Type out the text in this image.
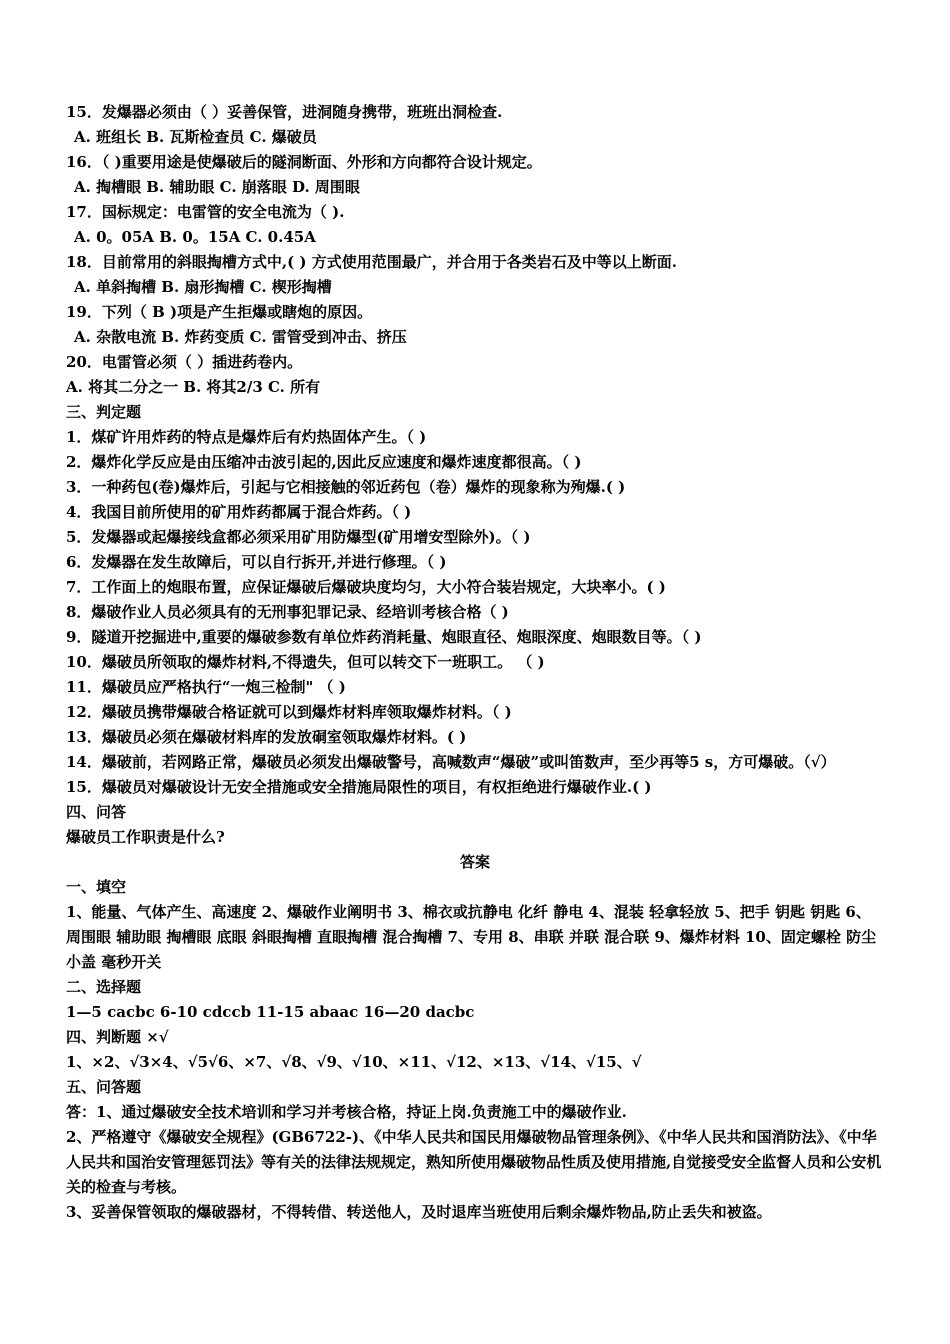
15．发爆器必须由（ ）妥善保管，进洞随身携带，班班出洞检查.
A. 班组长 B. 瓦斯检查员 C. 爆破员
16．（ )重要用途是使爆破后的隧洞断面、外形和方向都符合设计规定。
A. 掏槽眼 B. 辅助眼 C. 崩落眼 D. 周围眼
17．国标规定：电雷管的安全电流为（ ).
A. 0。05A B. 0。15A C. 0.45A
18．目前常用的斜眼掏槽方式中,( ) 方式使用范围最广，并合用于各类岩石及中等以上断面.
A. 单斜掏槽 B. 扇形掏槽 C. 楔形掏槽
19．下列（ B )项是产生拒爆或瞎炮的原因。
A. 杂散电流 B. 炸药变质 C. 雷管受到冲击、挤压
20．电雷管必须（ ）插进药卷内。
A. 将其二分之一 B. 将其2/3 C. 所有
三、判定题
1．煤矿许用炸药的特点是爆炸后有灼热固体产生。（ )
2．爆炸化学反应是由压缩冲击波引起的,因此反应速度和爆炸速度都很高。（ )
3．一种药包(卷)爆炸后，引起与它相接触的邻近药包（卷）爆炸的现象称为殉爆.( )
4．我国目前所使用的矿用炸药都属于混合炸药。（ )
5．发爆器或起爆接线盒都必须采用矿用防爆型(矿用增安型除外)。（ )
6．发爆器在发生故障后，可以自行拆开,并进行修理。（ )
7．工作面上的炮眼布置，应保证爆破后爆破块度均匀，大小符合装岩规定，大块率小。( )
8．爆破作业人员必须具有的无刑事犯罪记录、经培训考核合格（ )
9．隧道开挖掘进中,重要的爆破参数有单位炸药消耗量、炮眼直径、炮眼深度、炮眼数目等。（ )
10．爆破员所领取的爆炸材料,不得遗失，但可以转交下一班职工。 （ )
11．爆破员应严格执行“一炮三检制" （ )
12．爆破员携带爆破合格证就可以到爆炸材料库领取爆炸材料。（ )
13．爆破员必须在爆破材料库的发放硐室领取爆炸材料。( )
14．爆破前，若网路正常，爆破员必须发出爆破警号，高喊数声“爆破”或叫笛数声，至少再等5 s，方可爆破。（√）
15．爆破员对爆破设计无安全措施或安全措施局限性的项目，有权拒绝进行爆破作业.( )
四、问答
爆破员工作职责是什么?
答案
一、填空
1、能量、气体产生、高速度 2、爆破作业阐明书 3、棉衣或抗静电 化纤 静电 4、混装 轻拿轻放 5、把手 钥匙 钥匙 6、周围眼 辅助眼 掏槽眼 底眼 斜眼掏槽 直眼掏槽 混合掏槽 7、专用 8、串联 并联 混合联 9、爆炸材料 10、固定螺栓 防尘小盖 毫秒开关
二、选择题
1—5 cacbc 6-10 cdccb 11-15 abaac 16—20 dacbc
四、判断题 ×√
1、×2、√3×4、√5√6、×7、√8、√9、√10、×11、√12、×13、√14、√15、√
五、问答题
答：1、通过爆破安全技术培训和学习并考核合格，持证上岗.负责施工中的爆破作业.
2、严格遵守《爆破安全规程》(GB6722-)、《中华人民共和国民用爆破物品管理条例》、《中华人民共和国消防法》、《中华人民共和国治安管理惩罚法》等有关的法律法规规定，熟知所使用爆破物品性质及使用措施,自觉接受安全监督人员和公安机关的检查与考核。
3、妥善保管领取的爆破器材，不得转借、转送他人，及时退库当班使用后剩余爆炸物品,防止丢失和被盗。
